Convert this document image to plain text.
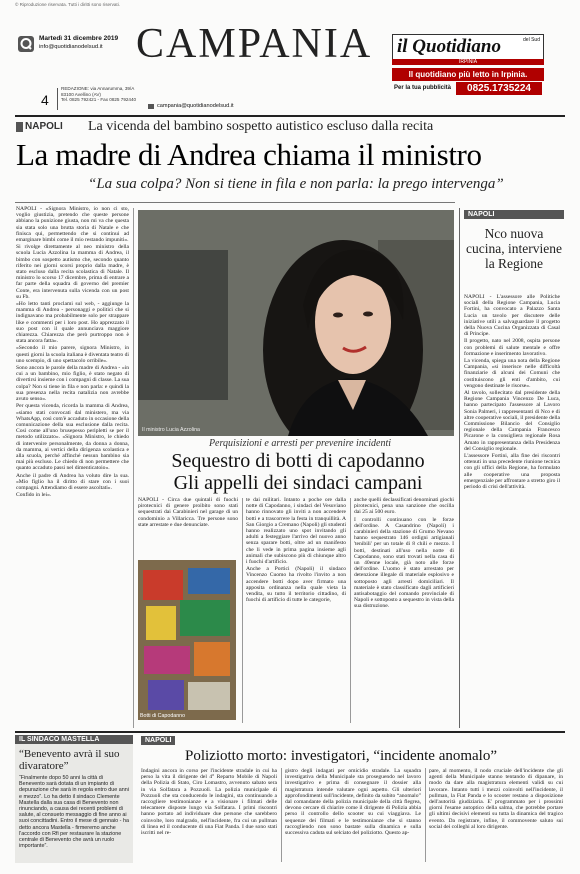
© Riproduzione riservata. Tutti i diritti sono riservati.
Martedì 31 dicembre 2019
info@quotidianodelsud.it CAMPANIA
4
REDAZIONE: via Annarumma, 39/A
83100 Avellino (AV)
Tel. 0825 792421 - Fax 0825 792440
campania@quotidianodelsud.it
il Quotidiano	del Sud
IRPINIA
Il quotidiano più letto in Irpinia.
Per la tua pubblicità	0825.1735224
NAPOLI La vicenda del bambino sospetto autistico escluso dalla recita
La madre di Andrea chiama il ministro
“La sua colpa? Non si tiene in fila e non parla: la prego intervenga”

NAPOLI - «Signora Ministro, io non ci sto, voglio giustizia, pretendo che queste persone abbiano la punizione giusta, non mi va che questa sia stata solo una brutta storia di Natale e che finisca qui, permettendo che si continui ad emarginare bimbi come il mio restando impuniti».

Si rivolge direttamente al neo ministro della scuola Lucia Azzolina la mamma di Andrea, il bimbo con sospetto autismo che, secondo quanto riferito nei giorni scorsi proprio dalla madre, è stato escluso dalla recita scolastica di Natale. Il ministro lo scorso 17 dicembre, prima di entrare a far parte della squadra di governo del premier Conte, era intervenuta sulla vicenda con un post su Fb.

«Ho letto tanti proclami sul web, - aggiunge la mamma di Andrea - personaggi e politici che si indignavano ma probabilmente solo per strappare like e commenti per i loro post. Ho apprezzato il suo post con il quale annunciava maggiore chiarezza. Chiarezza che però purtroppo non è stata ancora fatta».

«Secondo il mio parere, signora Ministro, in questi giorni la scuola italiana è diventata teatro di uno scempio, di uno spettacolo orribile».

Sono ancora le parole della madre di Andrea - «in cui a un bambino, mio figlio, è stato negato di divertirsi insieme con i compagni di classe. La sua colpa? Non si tiene in fila e non parla: e quindi la sua presenza nella recita natalizia non avrebbe avuto senso».

Per questa vicenda, ricorda la mamma di Andrea, «siamo stati convocati dal ministero, ma via WhatsApp, così com'è accaduto in occasione della comunicazione della sua esclusione dalla recita. Così come all'uno brusepesso peripletti se per il metodo utilizzato». «Signora Ministro, le chiedo di intervenire personalmente, da donna a donna, da mamma, ai vertici della dirigenza scolastica e alla scuola, perché affinché nessun bambino sia mai più escluso. Le chiedo di non permettere che quanto accaduto passi nel dimenticatoio».

Anche il padre di Andrea ha voluto dire la sua. «Mio figlio ha il diritto di stare con i suoi compagni. Attendiamo di essere ascoltati».

Confido in lei».

Il ministro Lucia Azzolina
Perquisizioni e arresti per prevenire incidenti
Sequestro di botti di capodanno
Gli appelli dei sindaci campani

NAPOLI - Circa due quintali di fuochi pirotecnici di genere proibito sono stati sequestrati dai Carabinieri nel garage di un condominio a Villaricca. Tre persone sono state arrestate e due denunciate.

Botti di Capodanno

te dai militari. Intanto a poche ore dalla notte di Capodanno, i sindaci del Vesuviano hanno rinnovato gli inviti a non accendere botti e a trascorrere la festa in tranquillità. A San Giorgio a Cremano (Napoli) gli studenti hanno realizzato uno spot invitando gli adulti a festeggiare l'arrivo del nuovo anno senza sparare botti, oltre ad un manifesto che li vede in prima pagina insieme agli animali che subiscono più di chiunque altro i fuochi d'artificio.

Anche a Portici (Napoli) il sindaco Vincenzo Cuomo ha rivolto l'invito a non accendere botti dopo aver firmato una apposita ordinanza nella quale vieta la vendita, su tutto il territorio cittadino, di fuochi di artificio di tutte le categorie,

anche quelli declassificati denominati giochi pirotecnici, pena una sanzione che oscilla dai 25 ai 500 euro.

I controlli continuano con le forze dell'ordine. A Casandrino (Napoli) i carabinieri della stazione di Grumo Nevano hanno sequestrato 146 ordigni artigianali 'tenibili' per un totale di 8 chili e mezzo. I botti, destinati all'uso nella notte di Capodanno, sono stati trovati nella casa di un 40enne locale, già noto alle forze dell'ordine. L'uomo è stato arrestato per detenzione illegale di materiale esplosivo e sottoposto agli arresti domiciliari. Il materiale è stato classificato dagli artificieri antisabotaggio del comando provinciale di Napoli e sottoposto a sequestro in vista della sua distruzione.

NAPOLI
Nco nuova cucina, interviene la Regione

NAPOLI - L'assessore alle Politiche sociali della Regione Campania, Lucia Fortini, ha convocato a Palazzo Santa Lucia un tavolo per discutere delle iniziative utili a salvaguardare il progetto della Nuova Cucina Organizzata di Casal di Principe.

Il progetto, nato nel 2008, ospita persone con problemi di salute mentale e offre formazione e inserimento lavorativo.

La vicenda, spiega una nota della Regione Campania, «si inserisce nelle difficoltà finanziarie di alcuni dei Comuni che costituiscono gli enti d'ambito, cui vengono destinate le risorse».

Al tavolo, sollecitato dal presidente della Regione Campania Vincenzo De Luca, hanno partecipato l'assessore al Lavoro Sonia Palmeri, i rappresentanti di Nco e di altre cooperative sociali, il presidente della Commissione Bilancio del Consiglio regionale della Campania Francesco Picarone e la consigliera regionale Rosa Amato in rappresentanza della Presidenza del Consiglio regionale.

L'assessore Fortini, alla fine dei riscontri ottenuti in una precedente riunione tecnica con gli uffici della Regione, ha formulato alle cooperative una proposta emergenziale per affrontare a stretto giro il periodo di crisi dell'attività.

IL SINDACO MASTELLA
“Benevento avrà il suo divaratore”
“Finalmente dopo 50 anni la città di Benevento sarà dotata di un impianto di depurazione che sarà in regola entro due anni e mezzo”. Lo ha detto il sindaco Clemente Mastella dalla sua casa di Benevento non rinunciando, a causa dei recenti problemi di salute, al consueto messaggio di fine anno ai suoi concittadini. Entro il mese di gennaio - ha detto ancora Mastella - firmeremo anche l'accordo con Rfi per restaurare la stazione centrale di Benevento che avrà un ruolo importante”.
NAPOLI
Poliziotto morto: investigatori, “incidente anomalo”

Indagini ancora in corso per l'incidente stradale in cui ha perso la vita il dirigente del 4° Reparto Mobile di Napoli della Polizia di Stato, Ciro Lomastro, avvenuto sabato sera in via Solfatara a Pozzuoli. La polizia municipale di Pozzuoli che sta conducendo le indagini, sta continuando a raccogliere testimonianze e a visionare i filmati delle telecamere disposte lungo via Solfatara. I primi riscontri hanno portato ad individuare due persone che sarebbero coinvolte, loro malgrado, nell'incidente, fra cui un pullman di linea ed il conducente di una Fiat Panda. I due sono stati iscritti nel re-

gistro degli indagati per omicidio stradale. La squadra investigativa della Municipale sta proseguendo nel lavoro investigativo e prima di consegnare il dossier alla magistratura intende valutare ogni aspetto. Gli ulteriori approfondimenti sull'incidente, definito da subito “anomalo” dal comandante della polizia municipale della città flegrea, devono cercare di chiarire come il dirigente di Polizia abbia perso il controllo dello scooter su cui viaggiava. Le sequenze dei filmati e le testimonianze che si stanno raccogliendo non sono bastate sulla dinamica e sulla successiva caduta sul selciato del poliziotto. Questo ap-

pare, al momento, il nodo cruciale dell'incidente che gli agenti della Municipale stanno tentando di dipanare, in modo da dare alla magistratura elementi validi su cui lavorare. Intanto tutti i mezzi coinvolti nell'incidente, il pullman, la Fiat Panda e lo scooter restano a disposizione dell'autorità giudiziaria. E' programmato per i prossimi giorni l'esame autoptico della salma, che potrebbe portare gli ultimi decisivi elementi su tutta la dinamica del tragico evento. Da registrare, infine, il commovente saluto sui social dei colleghi al loro dirigente.
